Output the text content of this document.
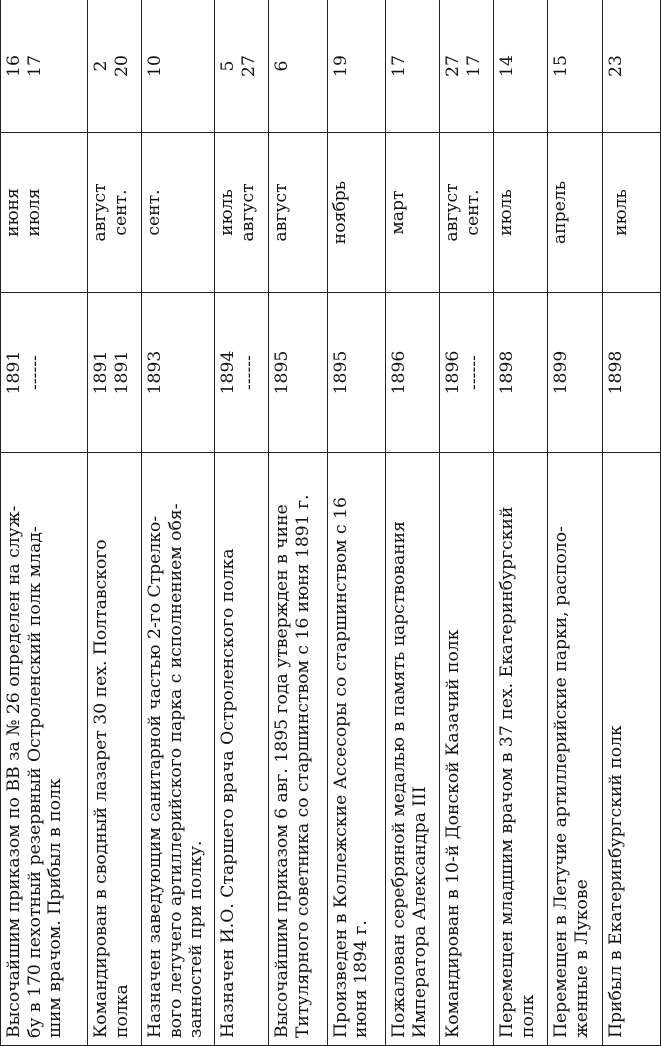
Высочайшим приказом по ВВ за № 26 определен на служ- бу в 170 пехотный резервный Остроленский полк млад- шим врачом. Прибыл в полк	1891 ------	июня июля	16 17

Командирован в сводный лазарет 30 пех. Полтавского полка	1891 1891	август сент.	2 20

Назначен заведующим санитарной частью 2-го Стрелко- вого летучего артиллерийского парка с исполнением обя- занностей при полку.	1893	сент.	10

Назначен И.О. Старшего врача Остроленского полка	1894 ------	июль август	5 27

Высочайшим приказом 6 авг. 1895 года утвержден в чине Титулярного советника со старшинством с 16 июня 1891 г.	1895	август	6

Произведен в Коллежские Ассесоры со старшинством с 16 июня 1894 г.	1895	ноябрь	19

Пожалован серебряной медалью в память царствования Императора Александра III	1896	март	17

Командирован в 10-й Донской Казачий полк	1896 ------	август сент.	27 17

Перемещен младшим врачом в 37 пех. Екатеринбургский полк	1898	июль	14

Перемещен в Летучие артиллерийские парки, располо- женные в Лукове	1899	апрель	15

Прибыл в Екатеринбургский полк	1898	июль	23
